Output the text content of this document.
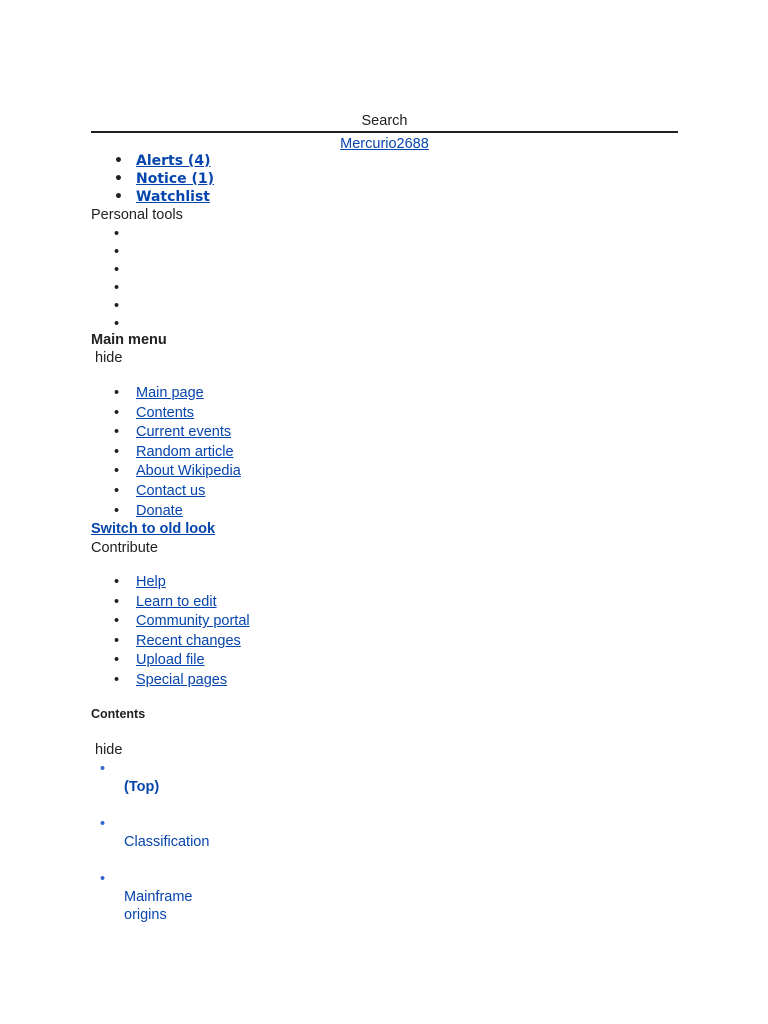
Search
Mercurio2688
• Alerts (4)
• Notice (1)
• Watchlist
Personal tools
•
•
•
•
•
•
Main menu
hide
• Main page
• Contents
• Current events
• Random article
• About Wikipedia
• Contact us
• Donate
Switch to old look
Contribute
• Help
• Learn to edit
• Community portal
• Recent changes
• Upload file
• Special pages
Contents
hide
•
(Top)
•
Classification
•
Mainframe origins
